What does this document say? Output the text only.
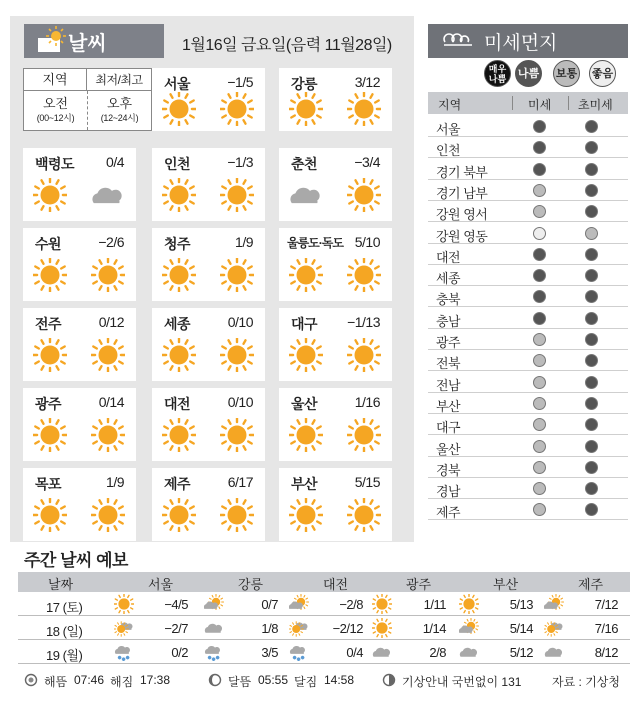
날씨	1월16일 금요일(음력 11월28일)
지역	최저/최고
오전
(00~12시)
오후
(12~24시)
서울	−1/5	강릉	3/12
백령도 0/4	인천	−1/3	춘천	−3/4
수원	−2/6	청주	1/9	울릉도·독도 5/10
전주	0/12	세종	0/10	대구 −1/13
광주	0/14	대전	0/10	울산	1/16
목포	1/9	제주	6/17	부산	5/15
미세먼지
매우
나쁨	나쁨 보통 좋음
지역	미세 초미세
서울
인천
경기 북부
경기 남부
강원 영서
강원 영동
대전
세종
충북
충남
광주
전북
전남
부산
대구
울산
경북
경남
제주
주간 날씨 예보
날짜	서울	강릉	대전	광주	부산	제주
17 (토)	−4/5	0/7	−2/8	1/11	5/13	7/12
18 (일)	−2/7	1/8	−2/12	1/14	5/14	7/16
19 (월)	0/2	3/5	0/4	2/8	5/12	8/12
해뜸 07:46 해짐 17:38	달뜸 05:55 달짐 14:58	기상안내 국번없이 131	자료 : 기상청
